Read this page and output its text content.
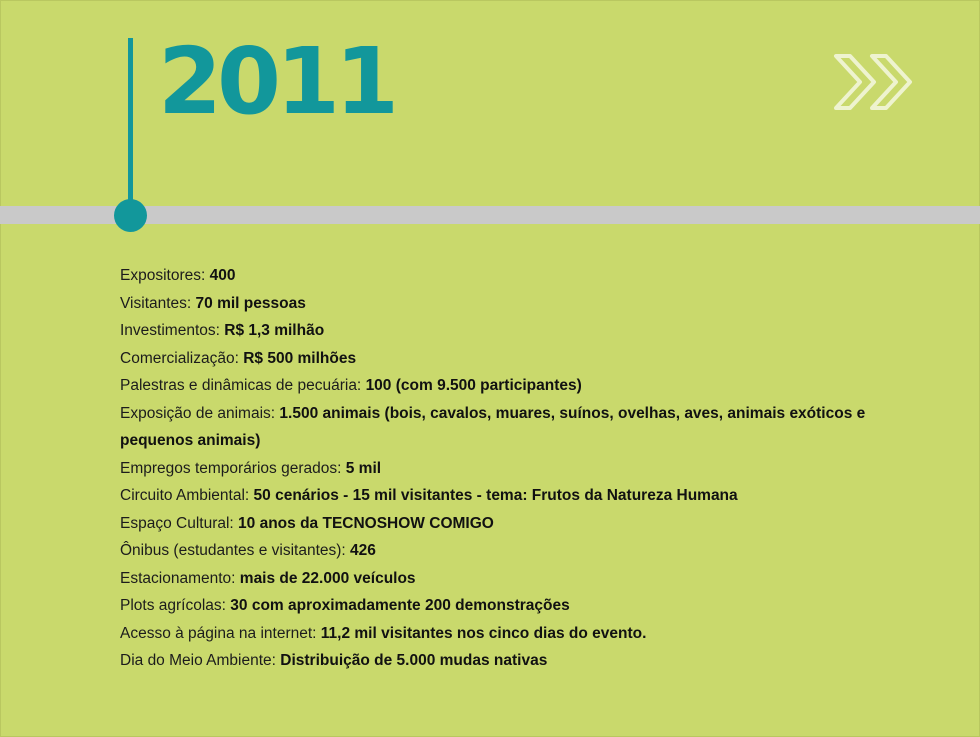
2011
Expositores: 400
Visitantes: 70 mil pessoas
Investimentos: R$ 1,3 milhão
Comercialização: R$ 500 milhões
Palestras e dinâmicas de pecuária: 100 (com 9.500 participantes)
Exposição de animais: 1.500 animais (bois, cavalos, muares, suínos, ovelhas, aves, animais exóticos e pequenos animais)
Empregos temporários gerados: 5 mil
Circuito Ambiental: 50 cenários - 15 mil visitantes - tema: Frutos da Natureza Humana
Espaço Cultural: 10 anos da TECNOSHOW COMIGO
Ônibus (estudantes e visitantes): 426
Estacionamento: mais de 22.000 veículos
Plots agrícolas: 30 com aproximadamente 200 demonstrações
Acesso à página na internet: 11,2 mil visitantes nos cinco dias do evento.
Dia do Meio Ambiente: Distribuição de 5.000 mudas nativas
